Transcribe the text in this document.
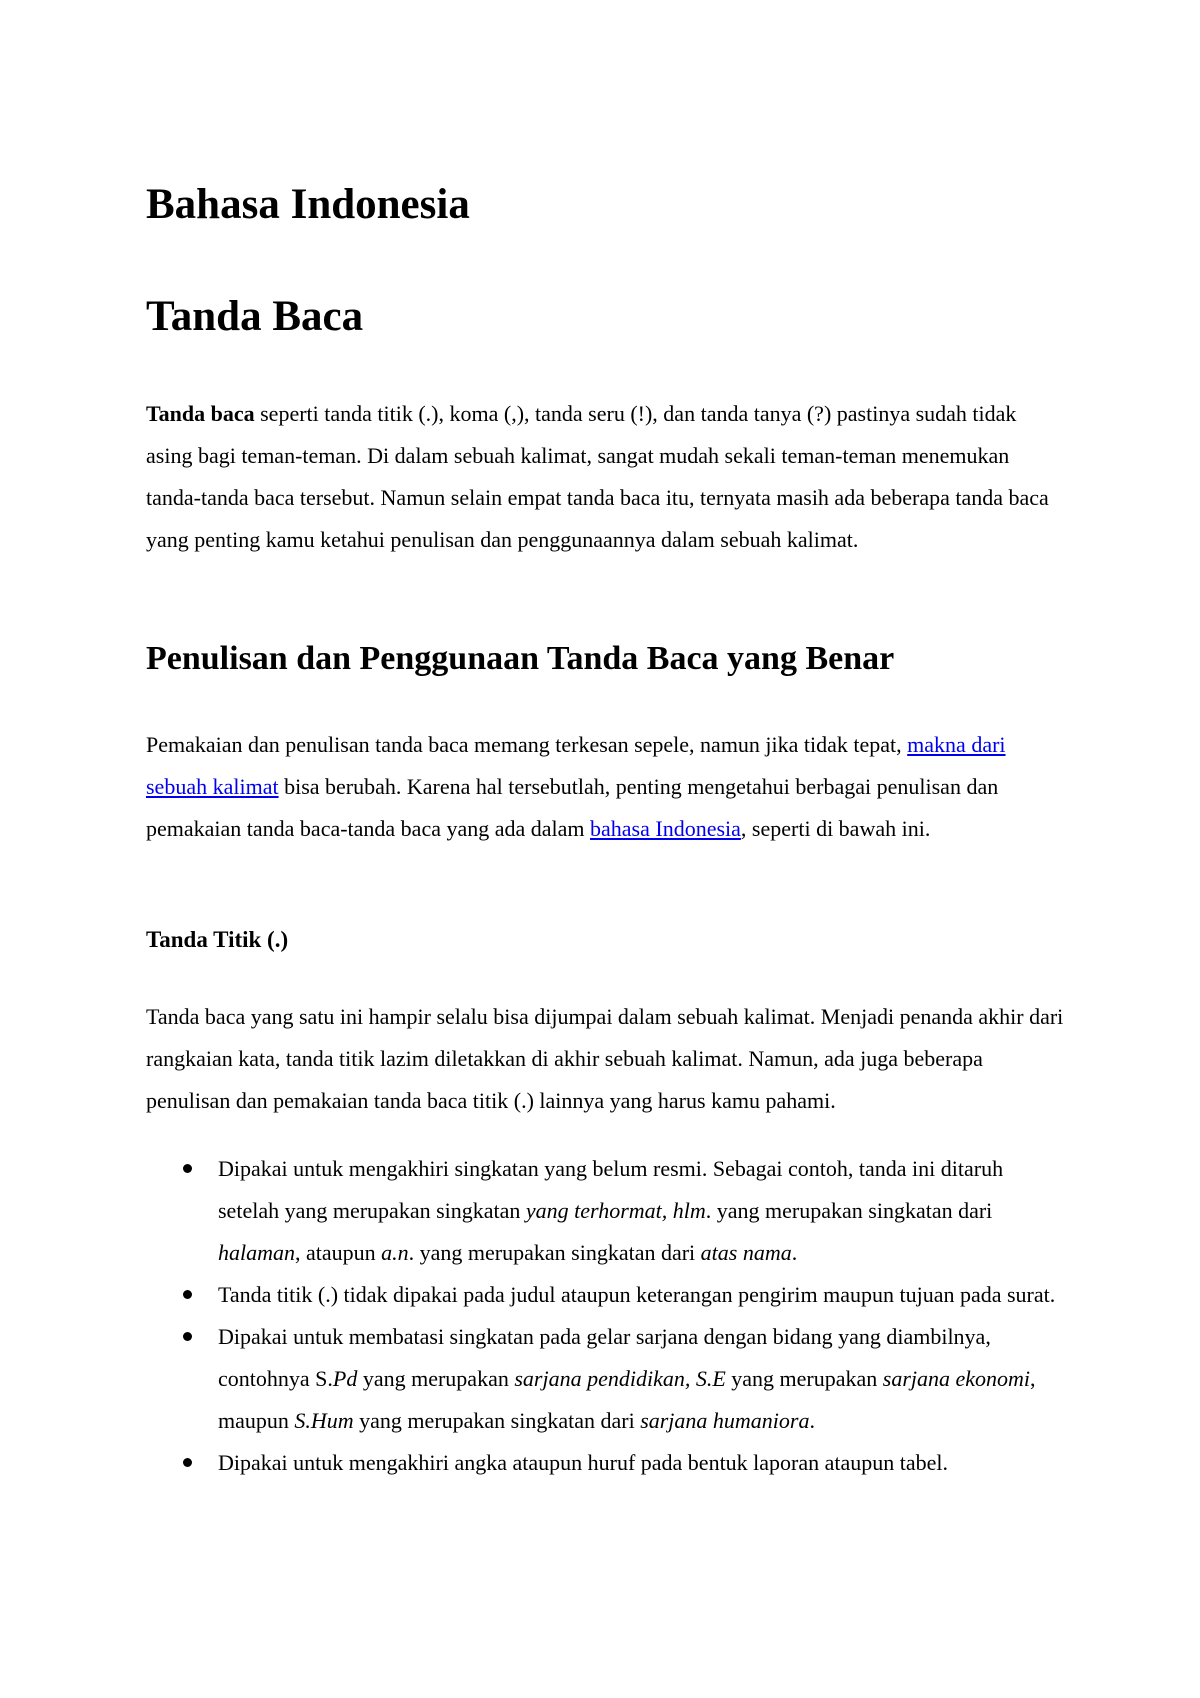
Bahasa Indonesia
Tanda Baca

Tanda baca seperti tanda titik (.), koma (,), tanda seru (!), dan tanda tanya (?) pastinya sudah tidak asing bagi teman-teman. Di dalam sebuah kalimat, sangat mudah sekali teman-teman menemukan tanda-tanda baca tersebut. Namun selain empat tanda baca itu, ternyata masih ada beberapa tanda baca yang penting kamu ketahui penulisan dan penggunaannya dalam sebuah kalimat.

Penulisan dan Penggunaan Tanda Baca yang Benar

Pemakaian dan penulisan tanda baca memang terkesan sepele, namun jika tidak tepat, makna dari sebuah kalimat bisa berubah. Karena hal tersebutlah, penting mengetahui berbagai penulisan dan pemakaian tanda baca-tanda baca yang ada dalam bahasa Indonesia, seperti di bawah ini.

Tanda Titik (.)

Tanda baca yang satu ini hampir selalu bisa dijumpai dalam sebuah kalimat. Menjadi penanda akhir dari rangkaian kata, tanda titik lazim diletakkan di akhir sebuah kalimat. Namun, ada juga beberapa penulisan dan pemakaian tanda baca titik (.) lainnya yang harus kamu pahami.

Dipakai untuk mengakhiri singkatan yang belum resmi. Sebagai contoh, tanda ini ditaruh setelah yang merupakan singkatan yang terhormat, hlm. yang merupakan singkatan dari halaman, ataupun a.n. yang merupakan singkatan dari atas nama.
Tanda titik (.) tidak dipakai pada judul ataupun keterangan pengirim maupun tujuan pada surat.
Dipakai untuk membatasi singkatan pada gelar sarjana dengan bidang yang diambilnya, contohnya S.Pd yang merupakan sarjana pendidikan, S.E yang merupakan sarjana ekonomi, maupun S.Hum yang merupakan singkatan dari sarjana humaniora.
Dipakai untuk mengakhiri angka ataupun huruf pada bentuk laporan ataupun tabel.
